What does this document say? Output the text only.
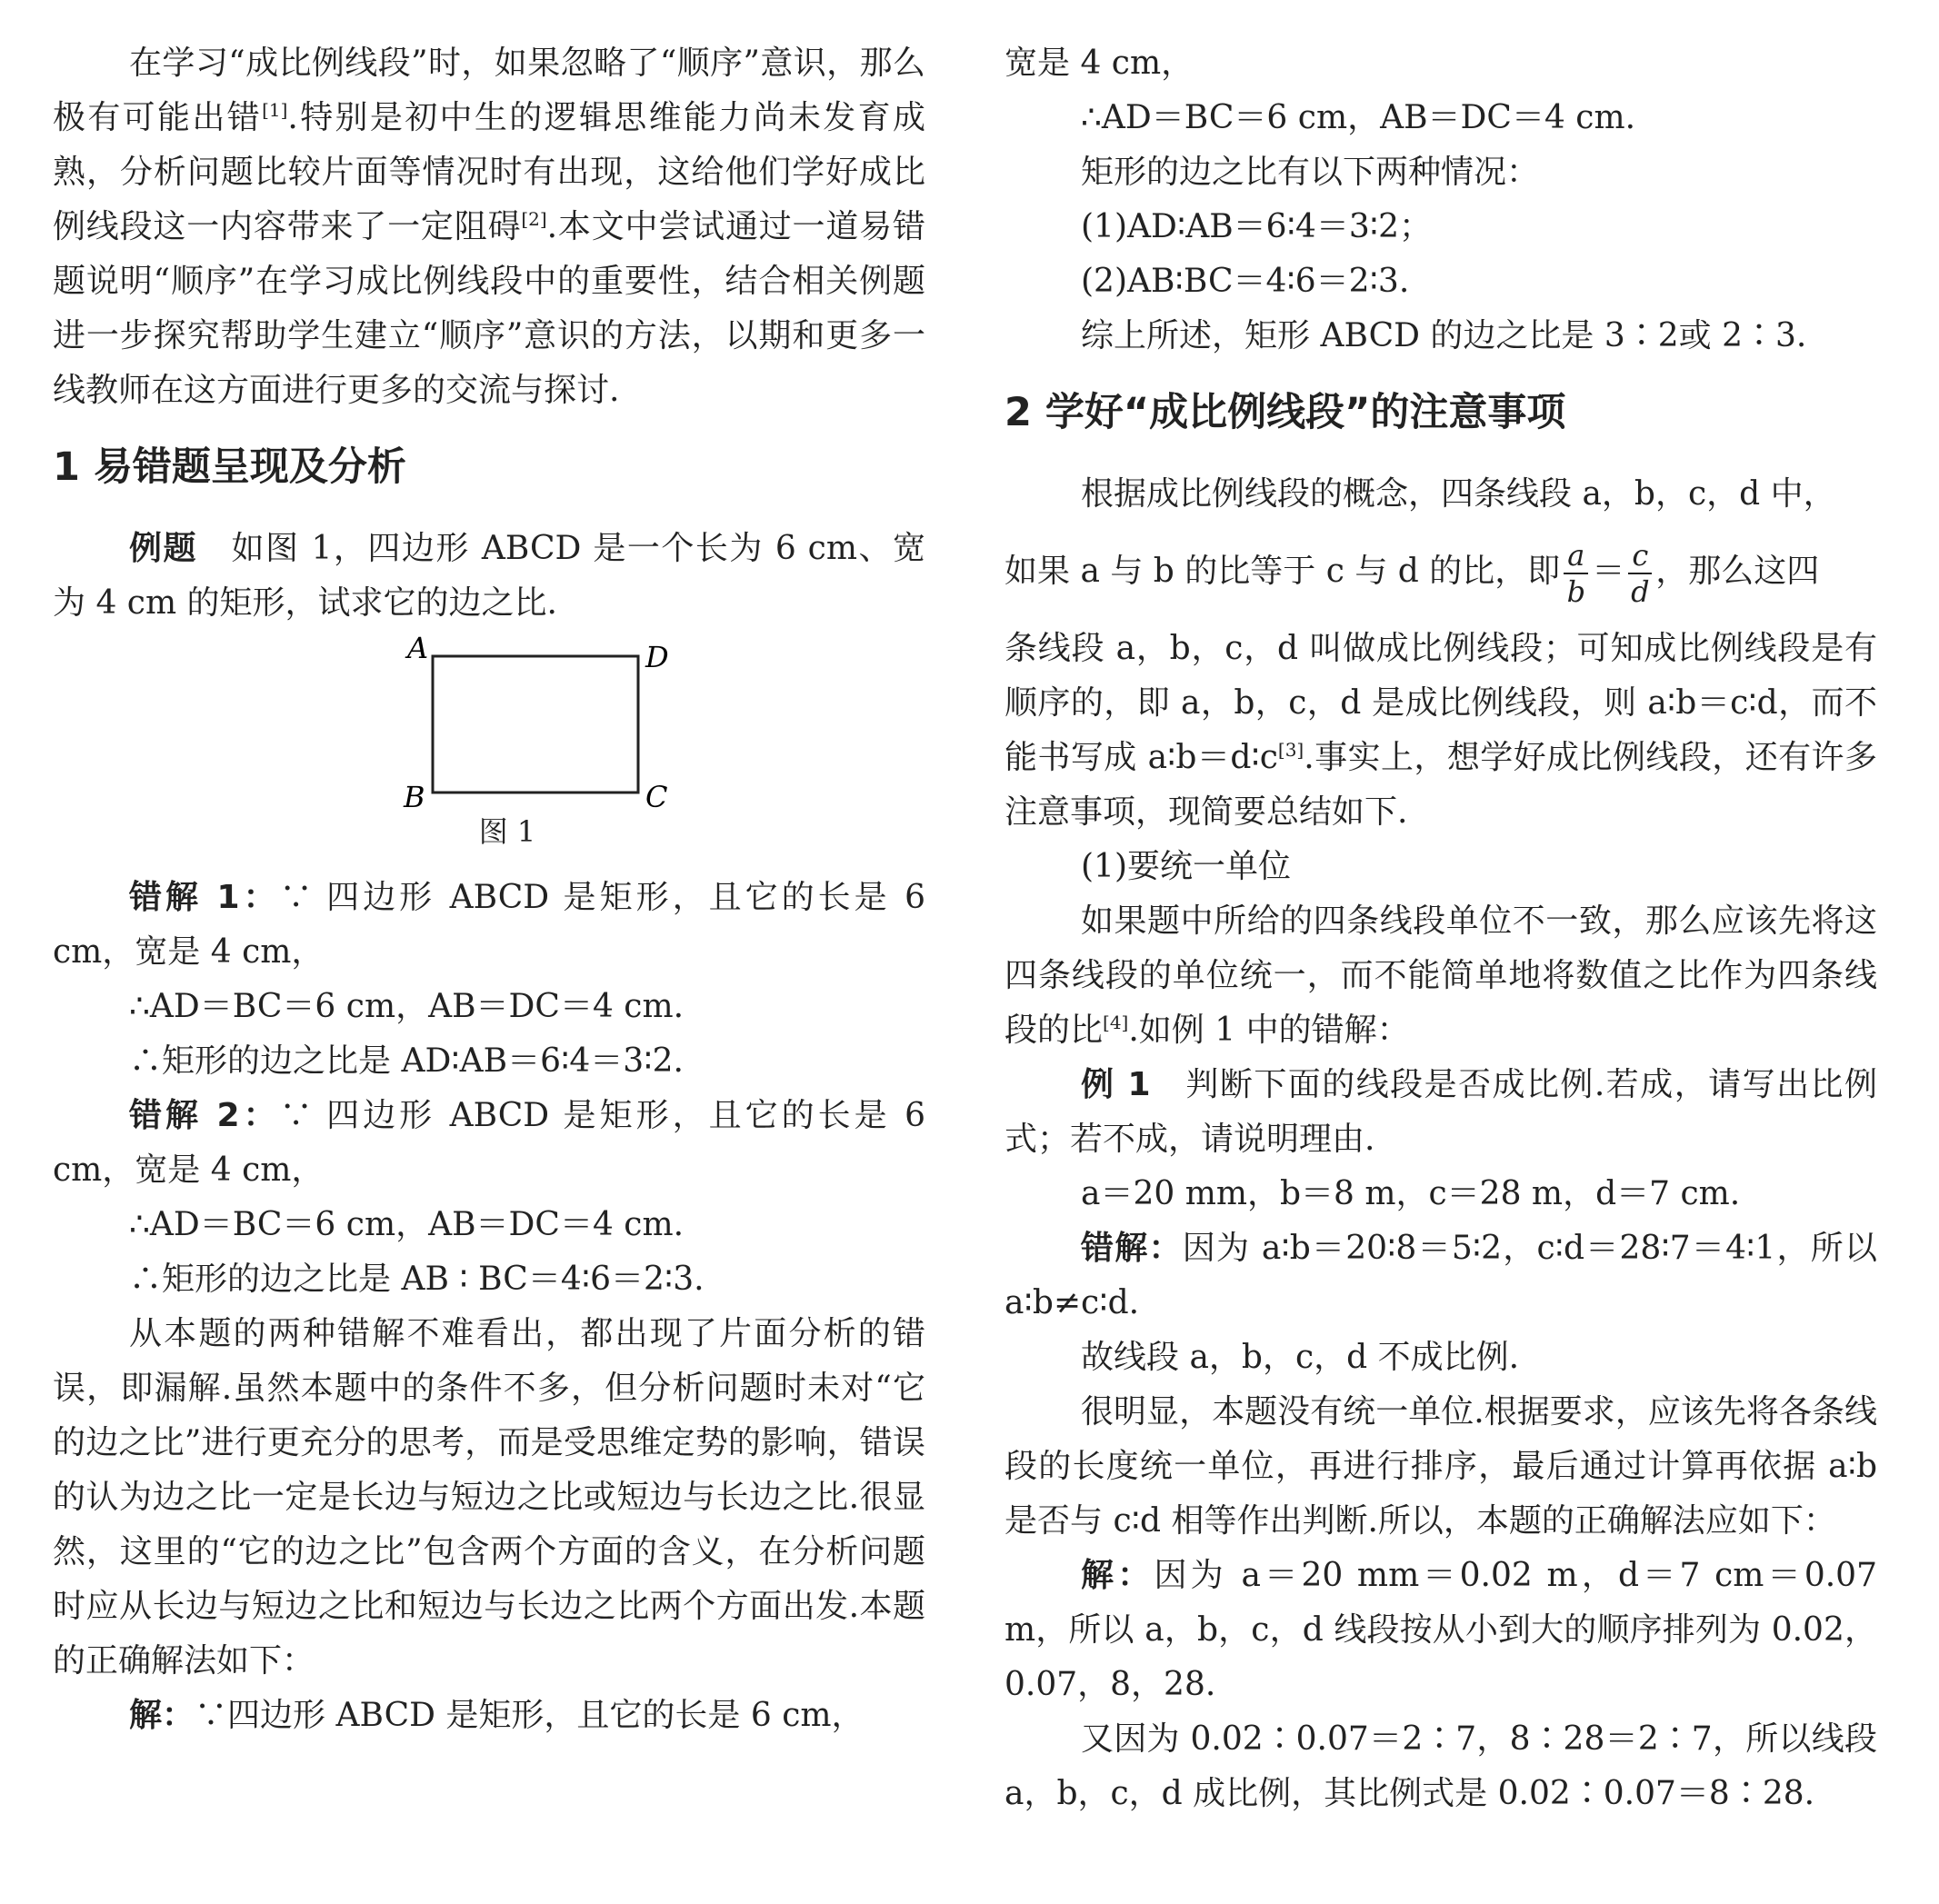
在学习“成比例线段”时，如果忽略了“顺序”意识，那么极有可能出错[1].特别是初中生的逻辑思维能力尚未发育成熟，分析问题比较片面等情况时有出现，这给他们学好成比例线段这一内容带来了一定阻碍[2].本文中尝试通过一道易错题说明“顺序”在学习成比例线段中的重要性，结合相关例题进一步探究帮助学生建立“顺序”意识的方法，以期和更多一线教师在这方面进行更多的交流与探讨.

1 易错题呈现及分析

例题　 如图 1，四边形 ABCD 是一个长为 6 cm、宽为 4 cm 的矩形，试求它的边之比.

A	D
B	C
图 1

错解 1：∵ 四边形 ABCD 是矩形，且它的长是 6 cm，宽是 4 cm，

∴AD＝BC＝6 cm，AB＝DC＝4 cm.

∴矩形的边之比是 AD∶AB＝6∶4＝3∶2.

错解 2：∵ 四边形 ABCD 是矩形，且它的长是 6 cm，宽是 4 cm，

∴AD＝BC＝6 cm，AB＝DC＝4 cm.

∴矩形的边之比是 AB ∶ BC＝4∶6＝2∶3.

从本题的两种错解不难看出，都出现了片面分析的错误，即漏解.虽然本题中的条件不多，但分析问题时未对“它的边之比”进行更充分的思考，而是受思维定势的影响，错误的认为边之比一定是长边与短边之比或短边与长边之比.很显然，这里的“它的边之比”包含两个方面的含义，在分析问题时应从长边与短边之比和短边与长边之比两个方面出发.本题的正确解法如下：

解：∵四边形 ABCD 是矩形，且它的长是 6 cm，

宽是 4 cm，

∴AD＝BC＝6 cm，AB＝DC＝4 cm.

矩形的边之比有以下两种情况：

(1)AD∶AB＝6∶4＝3∶2；

(2)AB∶BC＝4∶6＝2∶3.

综上所述，矩形 ABCD 的边之比是 3∶2或 2∶3.

2 学好“成比例线段”的注意事项

根据成比例线段的概念，四条线段 a，b，c，d 中，

如果 a 与 b 的比等于 c 与 d 的比，即 $\frac{a}{b} = \frac{c}{d}$ ，那么这四

条线段 a，b，c，d 叫做成比例线段；可知成比例线段是有顺序的，即 a，b，c，d 是成比例线段，则 a∶b＝c∶d，而不能书写成 a∶b＝d∶c[3].事实上，想学好成比例线段，还有许多注意事项，现简要总结如下.

(1)要统一单位

如果题中所给的四条线段单位不一致，那么应该先将这四条线段的单位统一，而不能简单地将数值之比作为四条线段的比[4].如例 1 中的错解：

例 1　 判断下面的线段是否成比例.若成，请写出比例式；若不成，请说明理由.

a＝20 mm，b＝8 m，c＝28 m，d＝7 cm.

错解：因为 a∶b＝20∶8＝5∶2，c∶d＝28∶7＝4∶1，所以 a∶b≠c∶d.

故线段 a，b，c，d 不成比例.

很明显，本题没有统一单位.根据要求，应该先将各条线段的长度统一单位，再进行排序，最后通过计算再依据 a∶b 是否与 c∶d 相等作出判断.所以，本题的正确解法应如下：

解：因为 a＝20 mm＝0.02 m，d＝7 cm＝0.07 m，所以 a，b，c，d 线段按从小到大的顺序排列为 0.02，0.07，8，28.

又因为 0.02∶0.07＝2∶7，8∶28＝2∶7，所以线段 a，b，c，d 成比例，其比例式是 0.02∶0.07＝8∶28.
